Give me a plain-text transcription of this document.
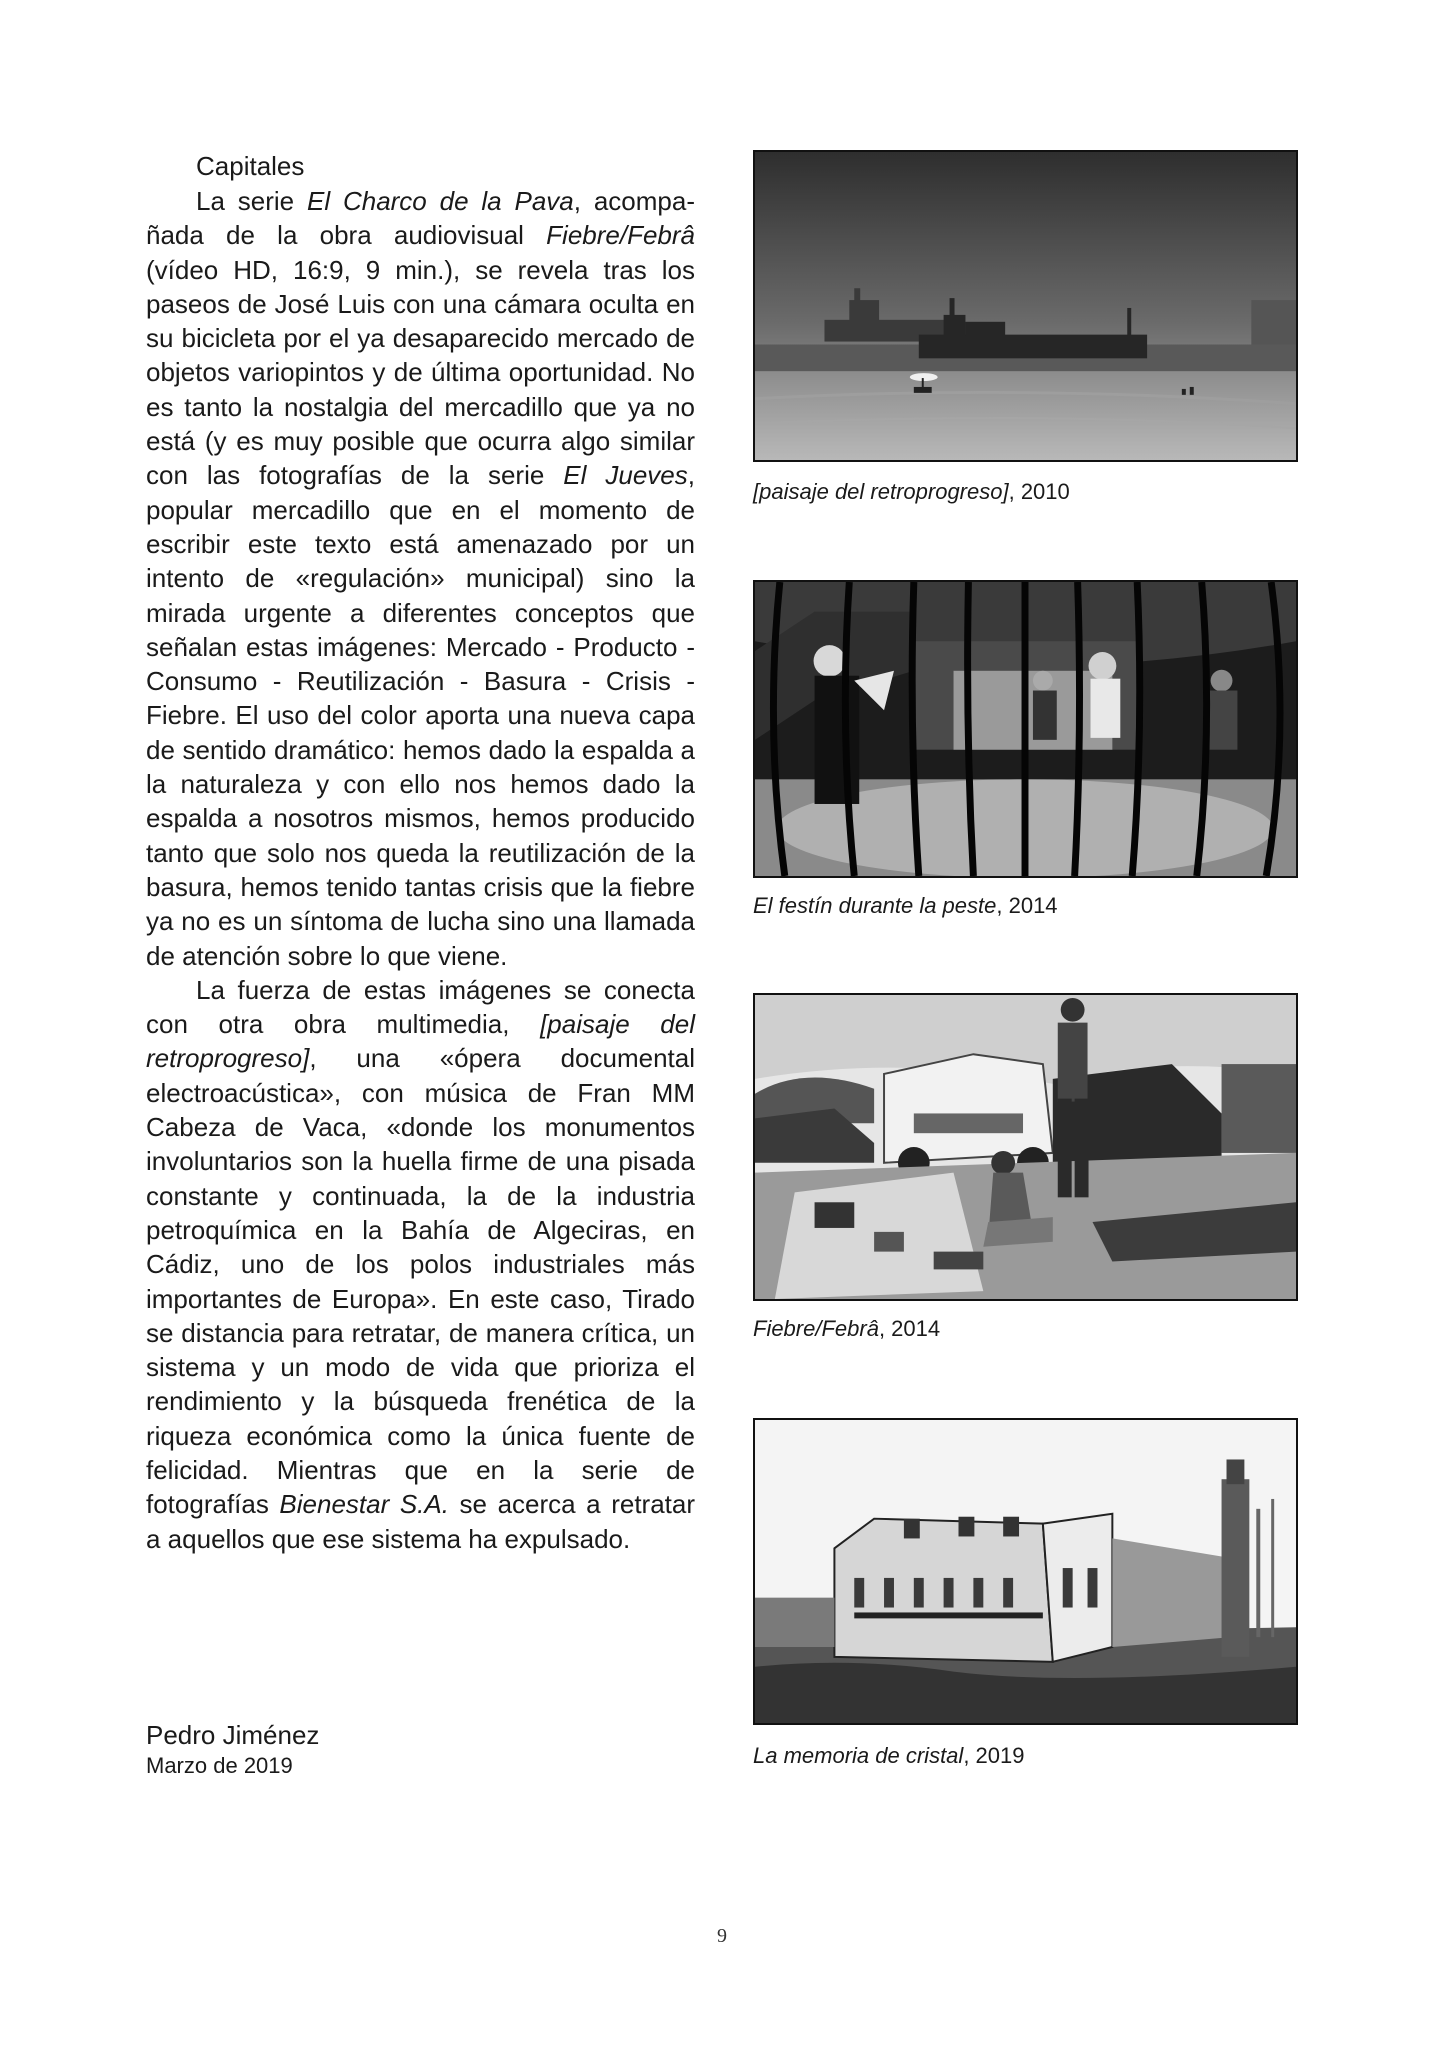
Capitales

La serie El Charco de la Pava, acompañada de la obra audiovisual Fiebre/Febrâ (vídeo HD, 16:9, 9 min.), se revela tras los paseos de José Luis con una cámara oculta en su bicicleta por el ya desaparecido mercado de objetos variopintos y de última oportunidad. No es tanto la nostalgia del mercadillo que ya no está (y es muy posible que ocurra algo similar con las fotografías de la serie El Jueves, popular mercadillo que en el momento de escribir este texto está amenazado por un intento de «regulación» municipal) sino la mirada urgente a diferentes conceptos que señalan estas imágenes: Mercado - Producto - Consumo - Reutilización - Basura - Crisis - Fiebre. El uso del color aporta una nueva capa de sentido dramático: hemos dado la espalda a la naturaleza y con ello nos hemos dado la espalda a nosotros mismos, hemos producido tanto que solo nos queda la reutilización de la basura, hemos tenido tantas crisis que la fiebre ya no es un síntoma de lucha sino una llamada de atención sobre lo que viene.

La fuerza de estas imágenes se conecta con otra obra multimedia, [paisaje del retroprogreso], una «ópera documental electroacústica», con música de Fran MM Cabeza de Vaca, «donde los monumentos involuntarios son la huella firme de una pisada constante y continuada, la de la industria petroquímica en la Bahía de Algeciras, en Cádiz, uno de los polos industriales más importantes de Europa». En este caso, Tirado se distancia para retratar, de manera crítica, un sistema y un modo de vida que prioriza el rendimiento y la búsqueda frenética de la riqueza económica como la única fuente de felicidad. Mientras que en la serie de fotografías Bienestar S.A. se acerca a retratar a aquellos que ese sistema ha expulsado.

Pedro Jiménez
Marzo de 2019
[paisaje del retroprogreso], 2010
El festín durante la peste, 2014
Fiebre/Febrâ, 2014
La memoria de cristal, 2019
9
